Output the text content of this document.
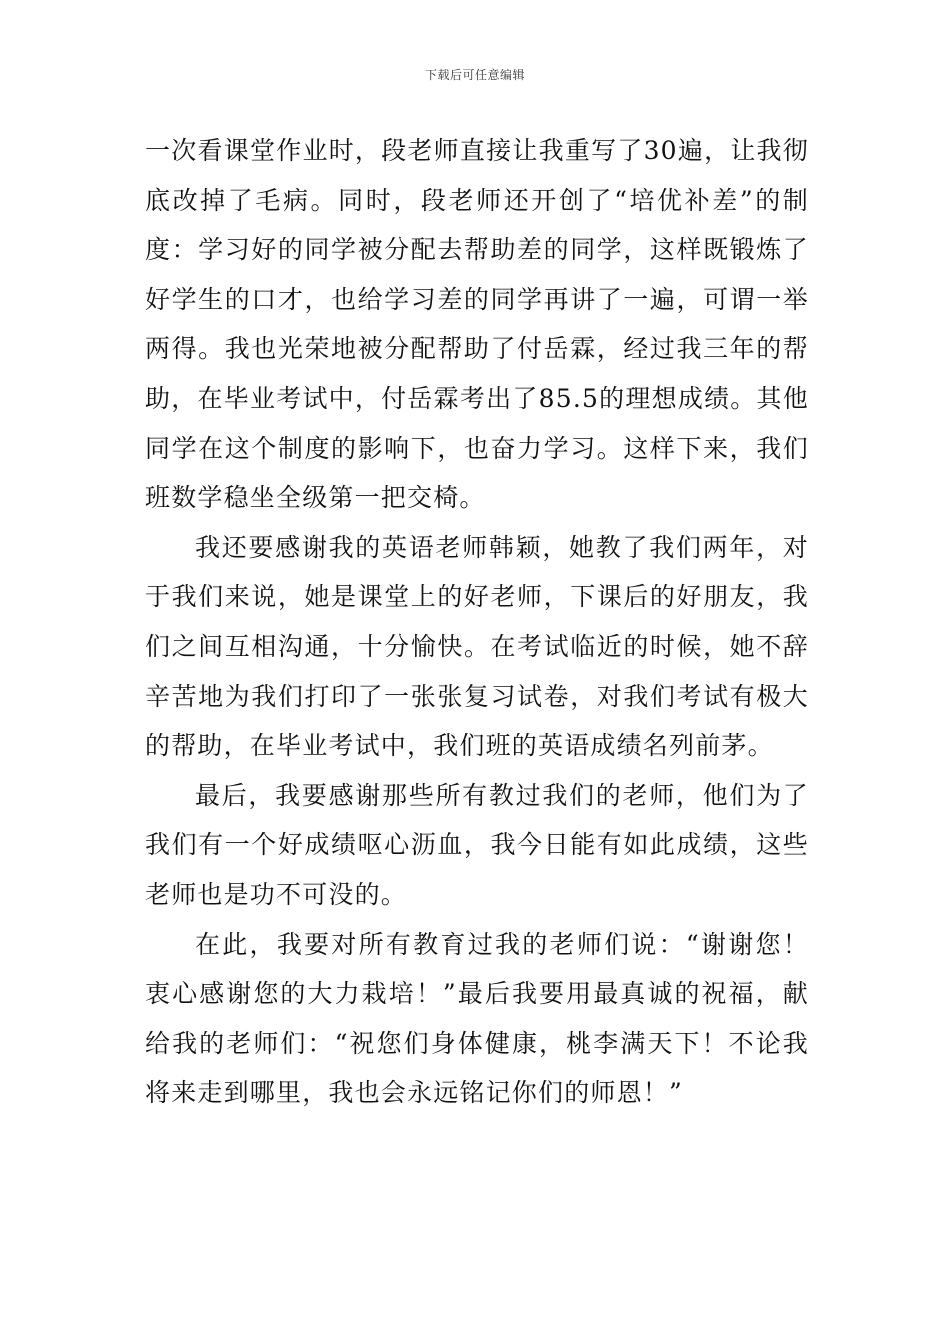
下载后可任意编辑

一次看课堂作业时，段老师直接让我重写了30遍，让我彻底改掉了毛病。同时，段老师还开创了“培优补差”的制度：学习好的同学被分配去帮助差的同学，这样既锻炼了好学生的口才，也给学习差的同学再讲了一遍，可谓一举两得。我也光荣地被分配帮助了付岳霖，经过我三年的帮助，在毕业考试中，付岳霖考出了85.5的理想成绩。其他同学在这个制度的影响下，也奋力学习。这样下来，我们班数学稳坐全级第一把交椅。

我还要感谢我的英语老师韩颖，她教了我们两年，对于我们来说，她是课堂上的好老师，下课后的好朋友，我们之间互相沟通，十分愉快。在考试临近的时候，她不辞辛苦地为我们打印了一张张复习试卷，对我们考试有极大的帮助，在毕业考试中，我们班的英语成绩名列前茅。

最后，我要感谢那些所有教过我们的老师，他们为了我们有一个好成绩呕心沥血，我今日能有如此成绩，这些老师也是功不可没的。

在此，我要对所有教育过我的老师们说：“谢谢您！衷心感谢您的大力栽培！”最后我要用最真诚的祝福，献给我的老师们：“祝您们身体健康，桃李满天下！不论我将来走到哪里，我也会永远铭记你们的师恩！”
